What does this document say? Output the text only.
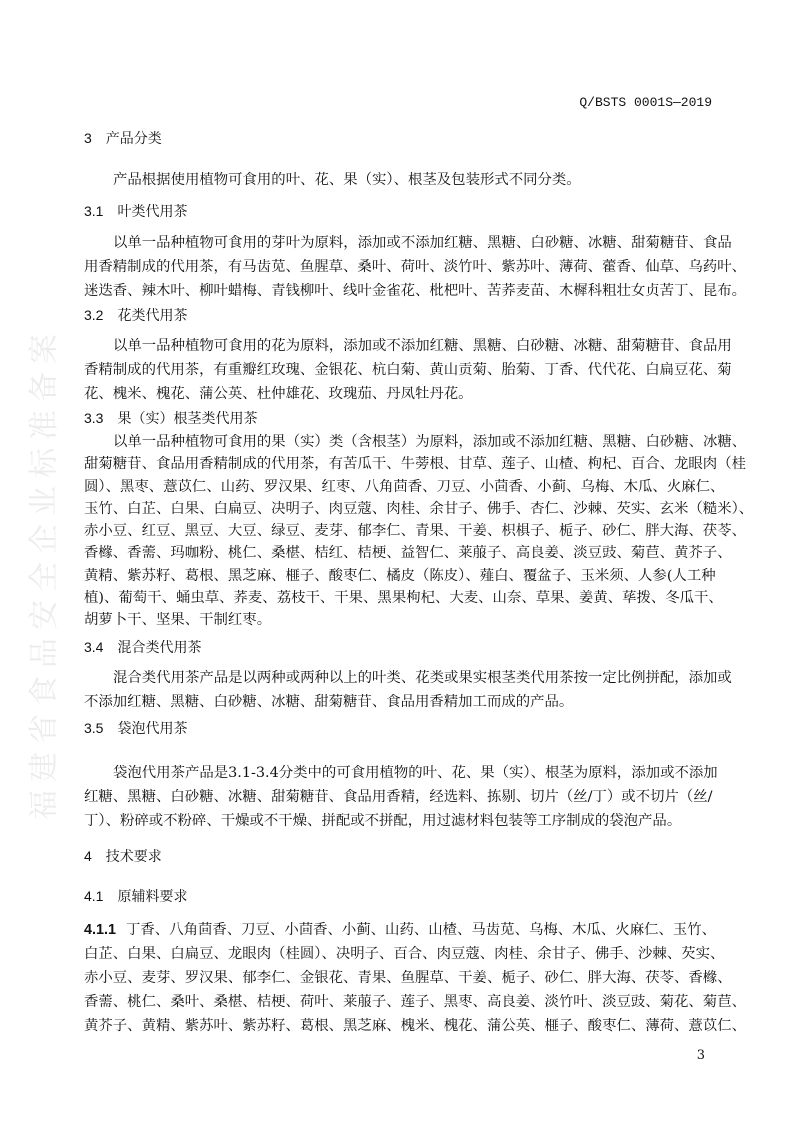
福建省食品安全企业标准备案
Q/BSTS 0001S—2019
3 产品分类
产品根据使用植物可食用的叶、花、果（实）、根茎及包装形式不同分类。
3.1 叶类代用茶
以单一品种植物可食用的芽叶为原料，添加或不添加红糖、黑糖、白砂糖、冰糖、甜菊糖苷、食品
用香精制成的代用茶，有马齿苋、鱼腥草、桑叶、荷叶、淡竹叶、紫苏叶、薄荷、藿香、仙草、乌药叶、
迷迭香、辣木叶、柳叶蜡梅、青钱柳叶、线叶金雀花、枇杷叶、苦荞麦苗、木樨科粗壮女贞苦丁、昆布。
3.2 花类代用茶
以单一品种植物可食用的花为原料，添加或不添加红糖、黑糖、白砂糖、冰糖、甜菊糖苷、食品用
香精制成的代用茶，有重瓣红玫瑰、金银花、杭白菊、黄山贡菊、胎菊、丁香、代代花、白扁豆花、菊
花、槐米、槐花、蒲公英、杜仲雄花、玫瑰茄、丹凤牡丹花。
3.3 果（实）根茎类代用茶
以单一品种植物可食用的果（实）类（含根茎）为原料，添加或不添加红糖、黑糖、白砂糖、冰糖、
甜菊糖苷、食品用香精制成的代用茶，有苦瓜干、牛蒡根、甘草、莲子、山楂、枸杞、百合、龙眼肉（桂
圆）、黑枣、薏苡仁、山药、罗汉果、红枣、八角茴香、刀豆、小茴香、小蓟、乌梅、木瓜、火麻仁、
玉竹、白芷、白果、白扁豆、决明子、肉豆蔻、肉桂、余甘子、佛手、杏仁、沙棘、芡实、玄米（糙米）、
赤小豆、红豆、黑豆、大豆、绿豆、麦芽、郁李仁、青果、干姜、枳椇子、栀子、砂仁、胖大海、茯苓、
香橼、香薷、玛咖粉、桃仁、桑椹、桔红、桔梗、益智仁、莱菔子、高良姜、淡豆豉、菊苣、黄芥子、
黄精、紫苏籽、葛根、黑芝麻、榧子、酸枣仁、橘皮（陈皮）、薤白、覆盆子、玉米须、人参(人工种
植)、葡萄干、蛹虫草、荞麦、荔枝干、干果、黑果枸杞、大麦、山奈、草果、姜黄、荜拨、冬瓜干、
胡萝卜干、坚果、干制红枣。
3.4 混合类代用茶
混合类代用茶产品是以两种或两种以上的叶类、花类或果实根茎类代用茶按一定比例拼配，添加或
不添加红糖、黑糖、白砂糖、冰糖、甜菊糖苷、食品用香精加工而成的产品。
3.5 袋泡代用茶
袋泡代用茶产品是3.1-3.4分类中的可食用植物的叶、花、果（实）、根茎为原料，添加或不添加
红糖、黑糖、白砂糖、冰糖、甜菊糖苷、食品用香精，经选料、拣剔、切片（丝/丁）或不切片（丝/
丁）、粉碎或不粉碎、干燥或不干燥、拼配或不拼配，用过滤材料包装等工序制成的袋泡产品。
4 技术要求
4.1 原辅料要求
4.1.1 丁香、八角茴香、刀豆、小茴香、小蓟、山药、山楂、马齿苋、乌梅、木瓜、火麻仁、玉竹、
白芷、白果、白扁豆、龙眼肉（桂圆）、决明子、百合、肉豆蔻、肉桂、余甘子、佛手、沙棘、芡实、
赤小豆、麦芽、罗汉果、郁李仁、金银花、青果、鱼腥草、干姜、栀子、砂仁、胖大海、茯苓、香橼、
香薷、桃仁、桑叶、桑椹、桔梗、荷叶、莱菔子、莲子、黑枣、高良姜、淡竹叶、淡豆豉、菊花、菊苣、
黄芥子、黄精、紫苏叶、紫苏籽、葛根、黑芝麻、槐米、槐花、蒲公英、榧子、酸枣仁、薄荷、薏苡仁、
3
